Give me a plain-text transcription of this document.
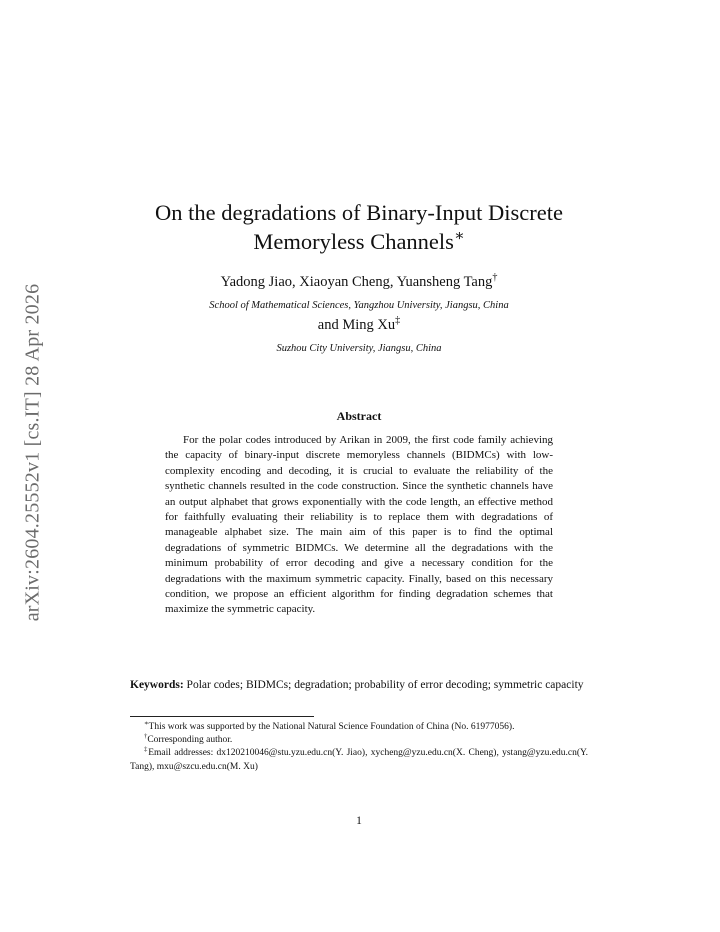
arXiv:2604.25552v1 [cs.IT] 28 Apr 2026
On the degradations of Binary-Input Discrete
Memoryless Channels∗
Yadong Jiao, Xiaoyan Cheng, Yuansheng Tang†
School of Mathematical Sciences, Yangzhou University, Jiangsu, China
and Ming Xu‡
Suzhou City University, Jiangsu, China
Abstract
For the polar codes introduced by Arikan in 2009, the first code family achieving the capacity of binary-input discrete memoryless channels (BIDMCs) with low-complexity encoding and decoding, it is crucial to evaluate the reliability of the synthetic channels resulted in the code construction. Since the synthetic channels have an output alphabet that grows exponentially with the code length, an effective method for faithfully evaluating their reliability is to replace them with degradations of manageable alphabet size. The main aim of this paper is to find the optimal degradations of symmetric BIDMCs. We determine all the degradations with the minimum probability of error decoding and give a necessary condition for the degradations with the maximum symmetric capacity. Finally, based on this necessary condition, we propose an efficient algorithm for finding degradation schemes that maximize the symmetric capacity.
Keywords: Polar codes; BIDMCs; degradation; probability of error decoding; symmetric capacity

∗This work was supported by the National Natural Science Foundation of China (No. 61977056).

†Corresponding author.

‡Email addresses: dx120210046@stu.yzu.edu.cn(Y. Jiao), xycheng@yzu.edu.cn(X. Cheng), ystang@yzu.edu.cn(Y. Tang), mxu@szcu.edu.cn(M. Xu)

1
